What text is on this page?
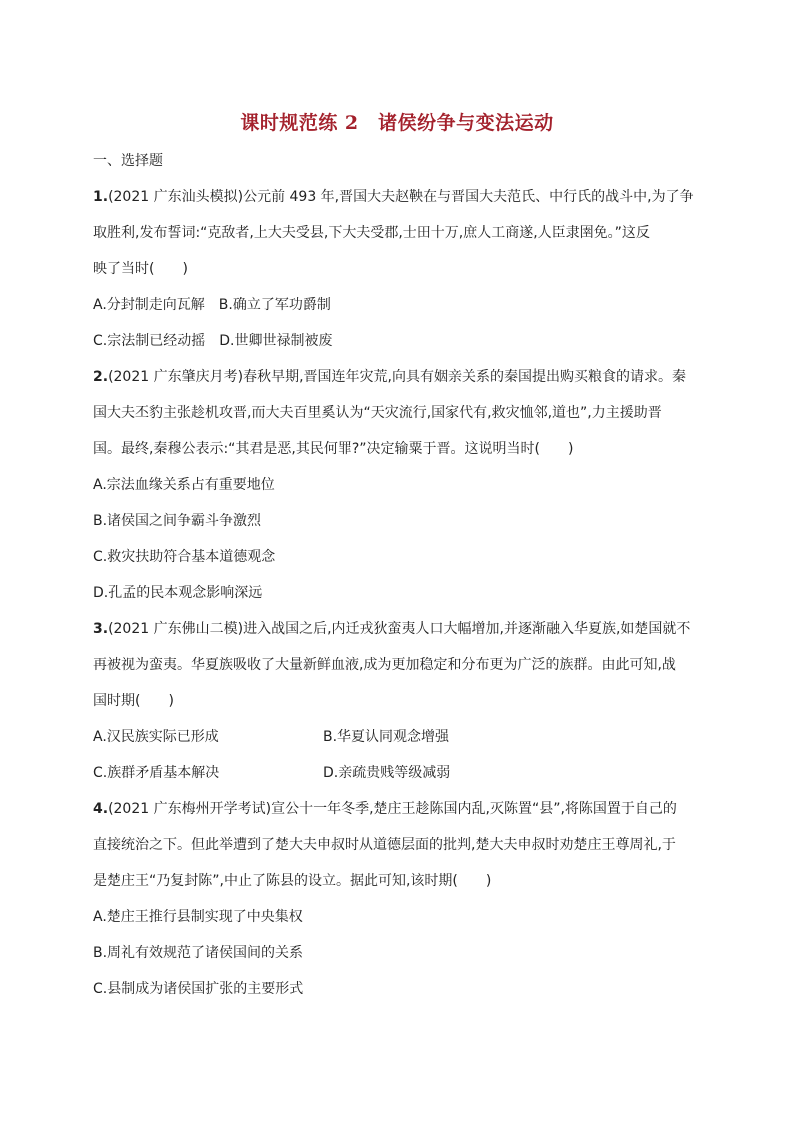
课时规范练 2　 诸侯纷争与变法运动
一、选择题
1.(2021 广东汕头模拟)公元前 493 年,晋国大夫赵鞅在与晋国大夫范氏、中行氏的战斗中,为了争
取胜利,发布誓词:“克敌者,上大夫受县,下大夫受郡,士田十万,庶人工商遂,人臣隶圉免。”这反
映了当时(　　)
A.分封制走向瓦解　B.确立了军功爵制
C.宗法制已经动摇　D.世卿世禄制被废
2.(2021 广东肇庆月考)春秋早期,晋国连年灾荒,向具有姻亲关系的秦国提出购买粮食的请求。秦
国大夫丕豹主张趁机攻晋,而大夫百里奚认为“天灾流行,国家代有,救灾恤邻,道也”,力主援助晋
国。最终,秦穆公表示:“其君是恶,其民何罪?”决定输粟于晋。这说明当时(　　)
A.宗法血缘关系占有重要地位
B.诸侯国之间争霸斗争激烈
C.救灾扶助符合基本道德观念
D.孔孟的民本观念影响深远
3.(2021 广东佛山二模)进入战国之后,内迁戎狄蛮夷人口大幅增加,并逐渐融入华夏族,如楚国就不
再被视为蛮夷。华夏族吸收了大量新鲜血液,成为更加稳定和分布更为广泛的族群。由此可知,战
国时期(　　)
A.汉民族实际已形成	B.华夏认同观念增强
C.族群矛盾基本解决	D.亲疏贵贱等级减弱
4.(2021 广东梅州开学考试)宣公十一年冬季,楚庄王趁陈国内乱,灭陈置“县”,将陈国置于自己的
直接统治之下。但此举遭到了楚大夫申叔时从道德层面的批判,楚大夫申叔时劝楚庄王尊周礼,于
是楚庄王“乃复封陈”,中止了陈县的设立。据此可知,该时期(　　)
A.楚庄王推行县制实现了中央集权
B.周礼有效规范了诸侯国间的关系
C.县制成为诸侯国扩张的主要形式
